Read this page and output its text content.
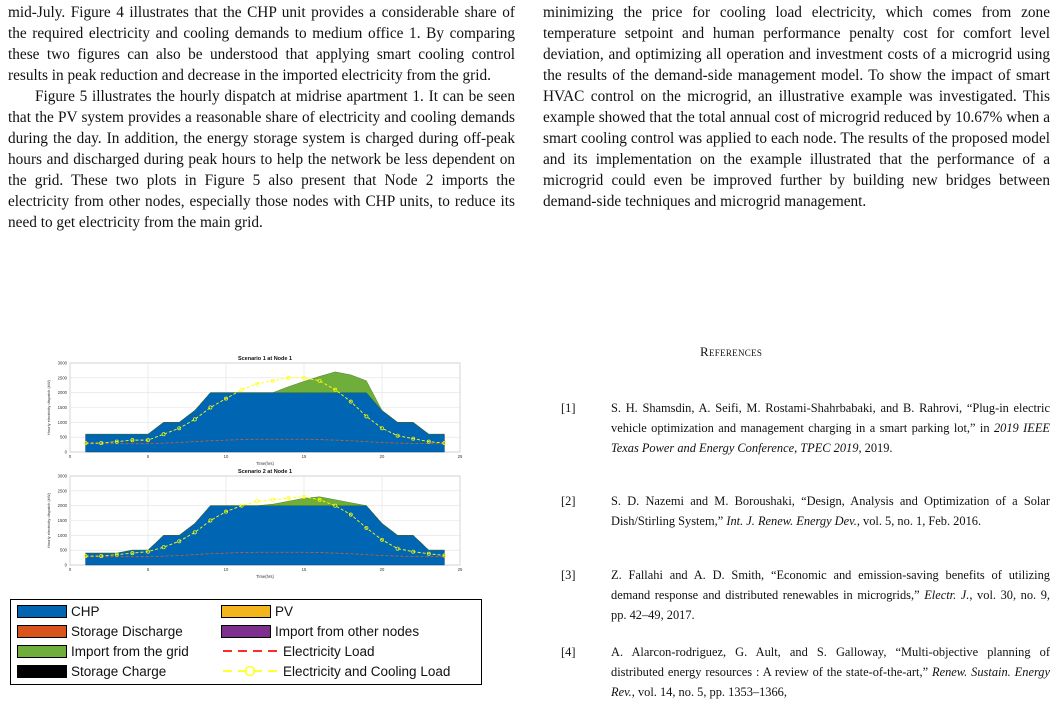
mid-July. Figure 4 illustrates that the CHP unit provides a considerable share of the required electricity and cooling demands to medium office 1. By comparing these two figures can also be understood that applying smart cooling control results in peak reduction and decrease in the imported electricity from the grid.

Figure 5 illustrates the hourly dispatch at midrise apartment 1. It can be seen that the PV system provides a reasonable share of electricity and cooling demands during the day. In addition, the energy storage system is charged during off-peak hours and discharged during peak hours to help the network be less dependent on the grid. These two plots in Figure 5 also present that Node 2 imports the electricity from other nodes, especially those nodes with CHP units, to reduce its need to get electricity from the main grid.

0
500
1000
1500
2000
2500
3000
0	5	10	15	20	25
Scenario 1 at Node 1
Time(hrs)
Hourly electricity dispatch (kW)
0
500
1000
1500
2000
2500
3000
0	5	10	15	20	25
Scenario 2 at Node 1
Time(hrs)
Hourly electricity dispatch (kW)
CHP	PV
Storage Discharge	Import from other nodes
Import from the grid	Electricity Load
Storage Charge	Electricity and Cooling Load

minimizing the price for cooling load electricity, which comes from zone temperature setpoint and human performance penalty cost for comfort level deviation, and optimizing all operation and investment costs of a microgrid using the results of the demand-side management model. To show the impact of smart HVAC control on the microgrid, an illustrative example was investigated. This example showed that the total annual cost of microgrid reduced by 10.67% when a smart cooling control was applied to each node. The results of the proposed model and its implementation on the example illustrated that the performance of a microgrid could even be improved further by building new bridges between demand-side techniques and microgrid management.

References
[1]	S. H. Shamsdin, A. Seifi, M. Rostami-Shahrbabaki, and B. Rahrovi, “Plug-in electric vehicle optimization and management charging in a smart parking lot,” in 2019 IEEE Texas Power and Energy Conference, TPEC 2019, 2019.
[2]	S. D. Nazemi and M. Boroushaki, “Design, Analysis and Optimization of a Solar Dish/Stirling System,” Int. J. Renew. Energy Dev., vol. 5, no. 1, Feb. 2016.
[3]	Z. Fallahi and A. D. Smith, “Economic and emission-saving benefits of utilizing demand response and distributed renewables in microgrids,” Electr. J., vol. 30, no. 9, pp. 42–49, 2017.
[4]	A. Alarcon-rodriguez, G. Ault, and S. Galloway, “Multi-objective planning of distributed energy resources : A review of the state-of-the-art,” Renew. Sustain. Energy Rev., vol. 14, no. 5, pp. 1353–1366,
